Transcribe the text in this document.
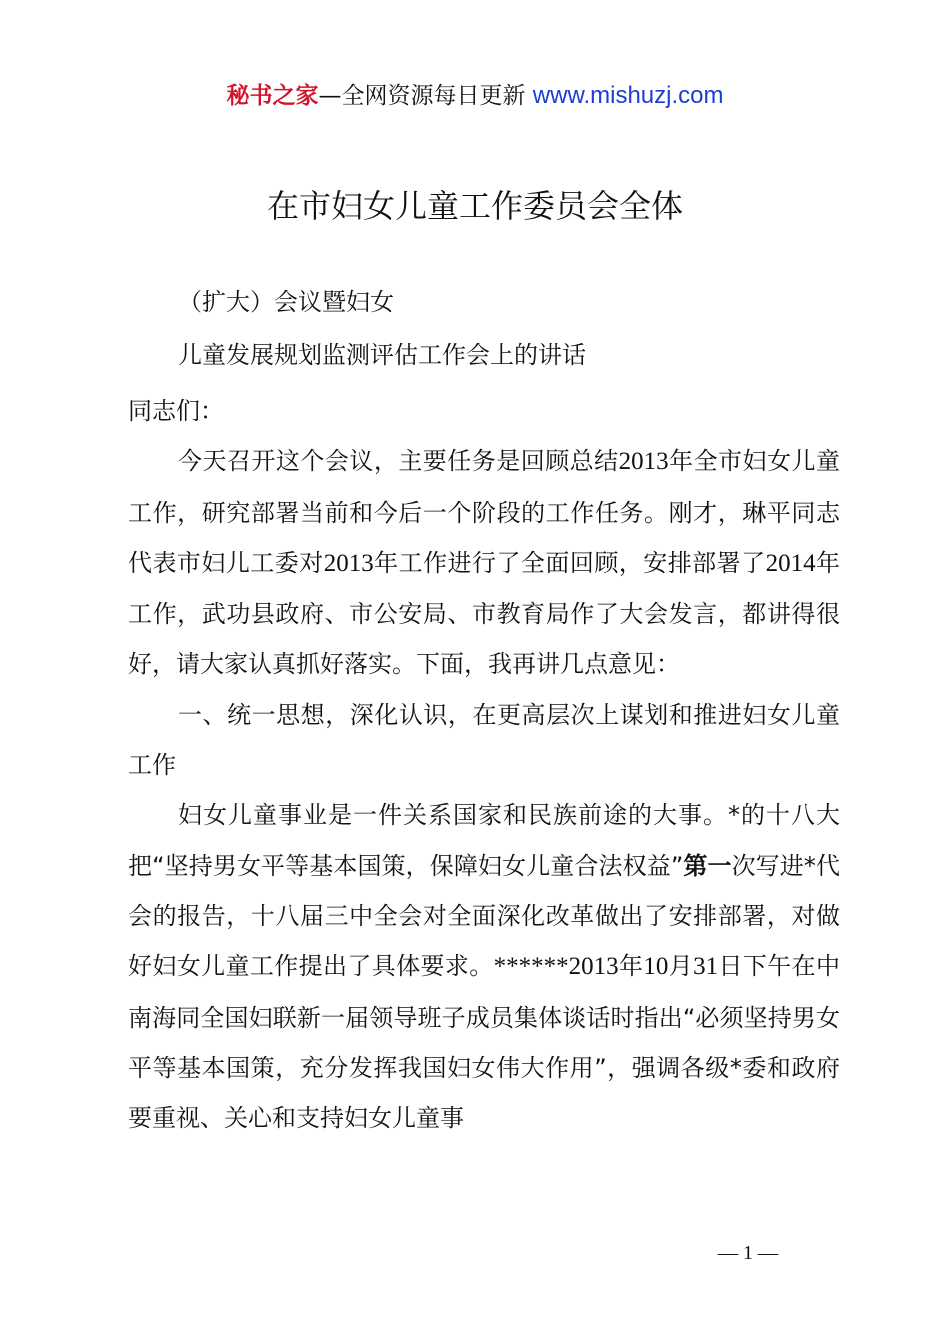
秘书之家—全网资源每日更新 www.mishuzj.com
在市妇女儿童工作委员会全体

（扩大）会议暨妇女

儿童发展规划监测评估工作会上的讲话

同志们：

今天召开这个会议，主要任务是回顾总结2013年全市妇女儿童工作，研究部署当前和今后一个阶段的工作任务。刚才，琳平同志代表市妇儿工委对2013年工作进行了全面回顾，安排部署了2014年工作，武功县政府、市公安局、市教育局作了大会发言，都讲得很好，请大家认真抓好落实。下面，我再讲几点意见：

一、统一思想，深化认识，在更高层次上谋划和推进妇女儿童工作

妇女儿童事业是一件关系国家和民族前途的大事。*的十八大把“坚持男女平等基本国策，保障妇女儿童合法权益”第一次写进*代会的报告，十八届三中全会对全面深化改革做出了安排部署，对做好妇女儿童工作提出了具体要求。******2013年10月31日下午在中南海同全国妇联新一届领导班子成员集体谈话时指出“必须坚持男女平等基本国策，充分发挥我国妇女伟大作用”，强调各级*委和政府要重视、关心和支持妇女儿童事

— 1 —
